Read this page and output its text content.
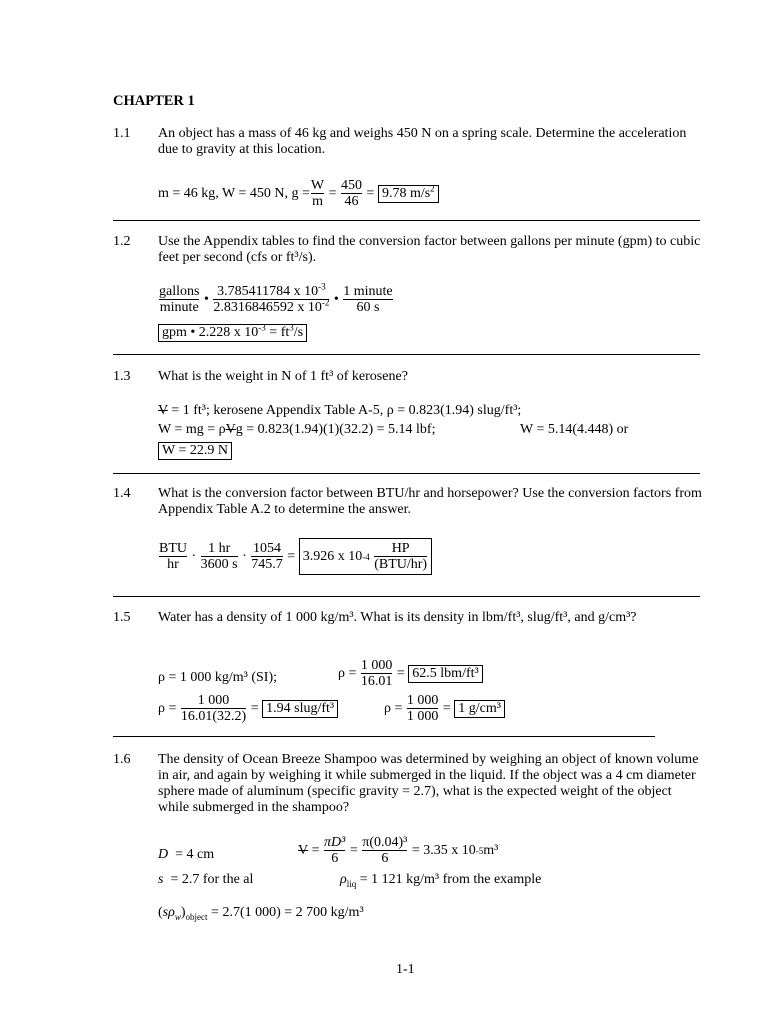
CHAPTER 1
1.1 An object has a mass of 46 kg and weighs 450 N on a spring scale. Determine the acceleration due to gravity at this location.
m = 46 kg, W = 450 N, $g = \frac{W}{m} = \frac{450}{46} = 9.78$ $m/s^2$
1.2 Use the Appendix tables to find the conversion factor between gallons per minute (gpm) to cubic feet per second (cfs or ft³/s).
$\frac{\text{gallons}}{\text{minute}}$ • $\frac{3.785411784 x 10^{-3}}{2.8316846592 x 10^{-2}}$ • $\frac{\text{1 minute}}{60 s}$
gpm • 2.228 x $10^{-3} = ft^3/s$
1.3 What is the weight in N of 1 ft³ of kerosene?
V = 1 ft³; kerosene Appendix Table A-5, ρ = 0.823(1.94) slug/ft³;
W = mg = ρVg = 0.823(1.94)(1)(32.2) = 5.14 lbf;	W = 5.14(4.448) or
W = 22.9 N
1.4 What is the conversion factor between BTU/hr and horsepower? Use the conversion factors from Appendix Table A.2 to determine the answer.
$\frac{\text{BTU}}{hr} \cdot \frac{1 hr}{3600 s} \cdot \frac{1054}{745.7} = 3.926$ x 10 -4
$\frac{HP}{\text{(BTU/hr)}}$
1.5 Water has a density of 1 000 kg/m³. What is its density in lbm/ft³, slug/ft³, and g/cm³?
ρ = 1 000 kg/m³ (SI);	$\rho = \frac{1 000}{16.01} = 62.5$ lbm/ft³
$\rho = \frac{1 000}{16.01(32.2)} = 1.94$ slug/ft³	$\rho = \frac{1 000}{1 000} = 1$ g/cm³
1.6 The density of Ocean Breeze Shampoo was determined by weighing an object of known volume in air, and again by weighing it while submerged in the liquid. If the object was a 4 cm diameter sphere made of aluminum (specific gravity = 2.7), what is the expected weight of the object while submerged in the shampoo?
D  = 4 cm	$V = \frac{\text{πD³}}{6} = \frac{\text{π(0.04)³}}{6}$
= 3.35 x 10 -5 m³
s  = 2.7 for the al	$\rho_{liq} = 1$ 121 kg/m³ from the example
$(s\rho_w)_{object} = 2.7(1$ 000) = 2 700 kg/m³
1-1
